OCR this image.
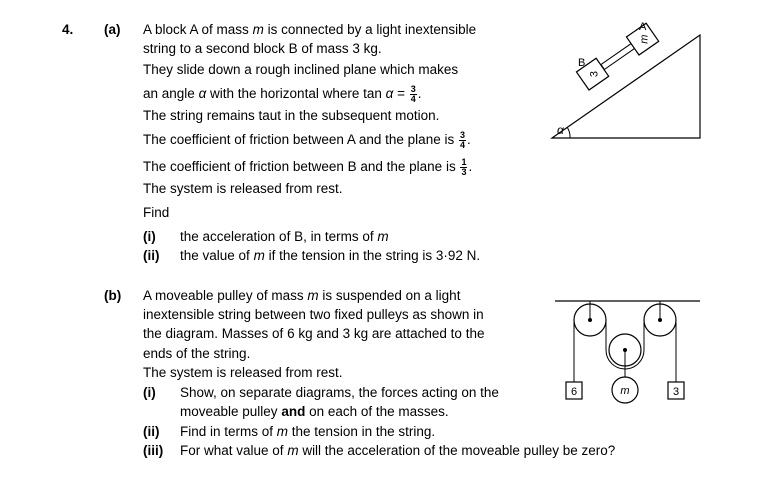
4. (a) A block A of mass m is connected by a light inextensible
string to a second block B of mass 3 kg.
They slide down a rough inclined plane which makes
an angle α with the horizontal where $\tan \alpha = \frac{3}{4}$ .
The string remains taut in the subsequent motion.
The coefficient of friction between A and the plane is $\frac{3}{4}$ .
The coefficient of friction between B and the plane is $\frac{1}{3}$ .
The system is released from rest.
Find
(i) the acceleration of B, in terms of m
(ii) the value of m if the tension in the string is 3·92 N.
α
3
m
B
A
(b) A moveable pulley of mass m is suspended on a light
inextensible string between two fixed pulleys as shown in
the diagram. Masses of 6 kg and 3 kg are attached to the
ends of the string.
The system is released from rest.
(i) Show, on separate diagrams, the forces acting on the
moveable pulley and on each of the masses.
(ii) Find in terms of m the tension in the string.
(iii) For what value of m will the acceleration of the moveable pulley be zero?
6	m	3
